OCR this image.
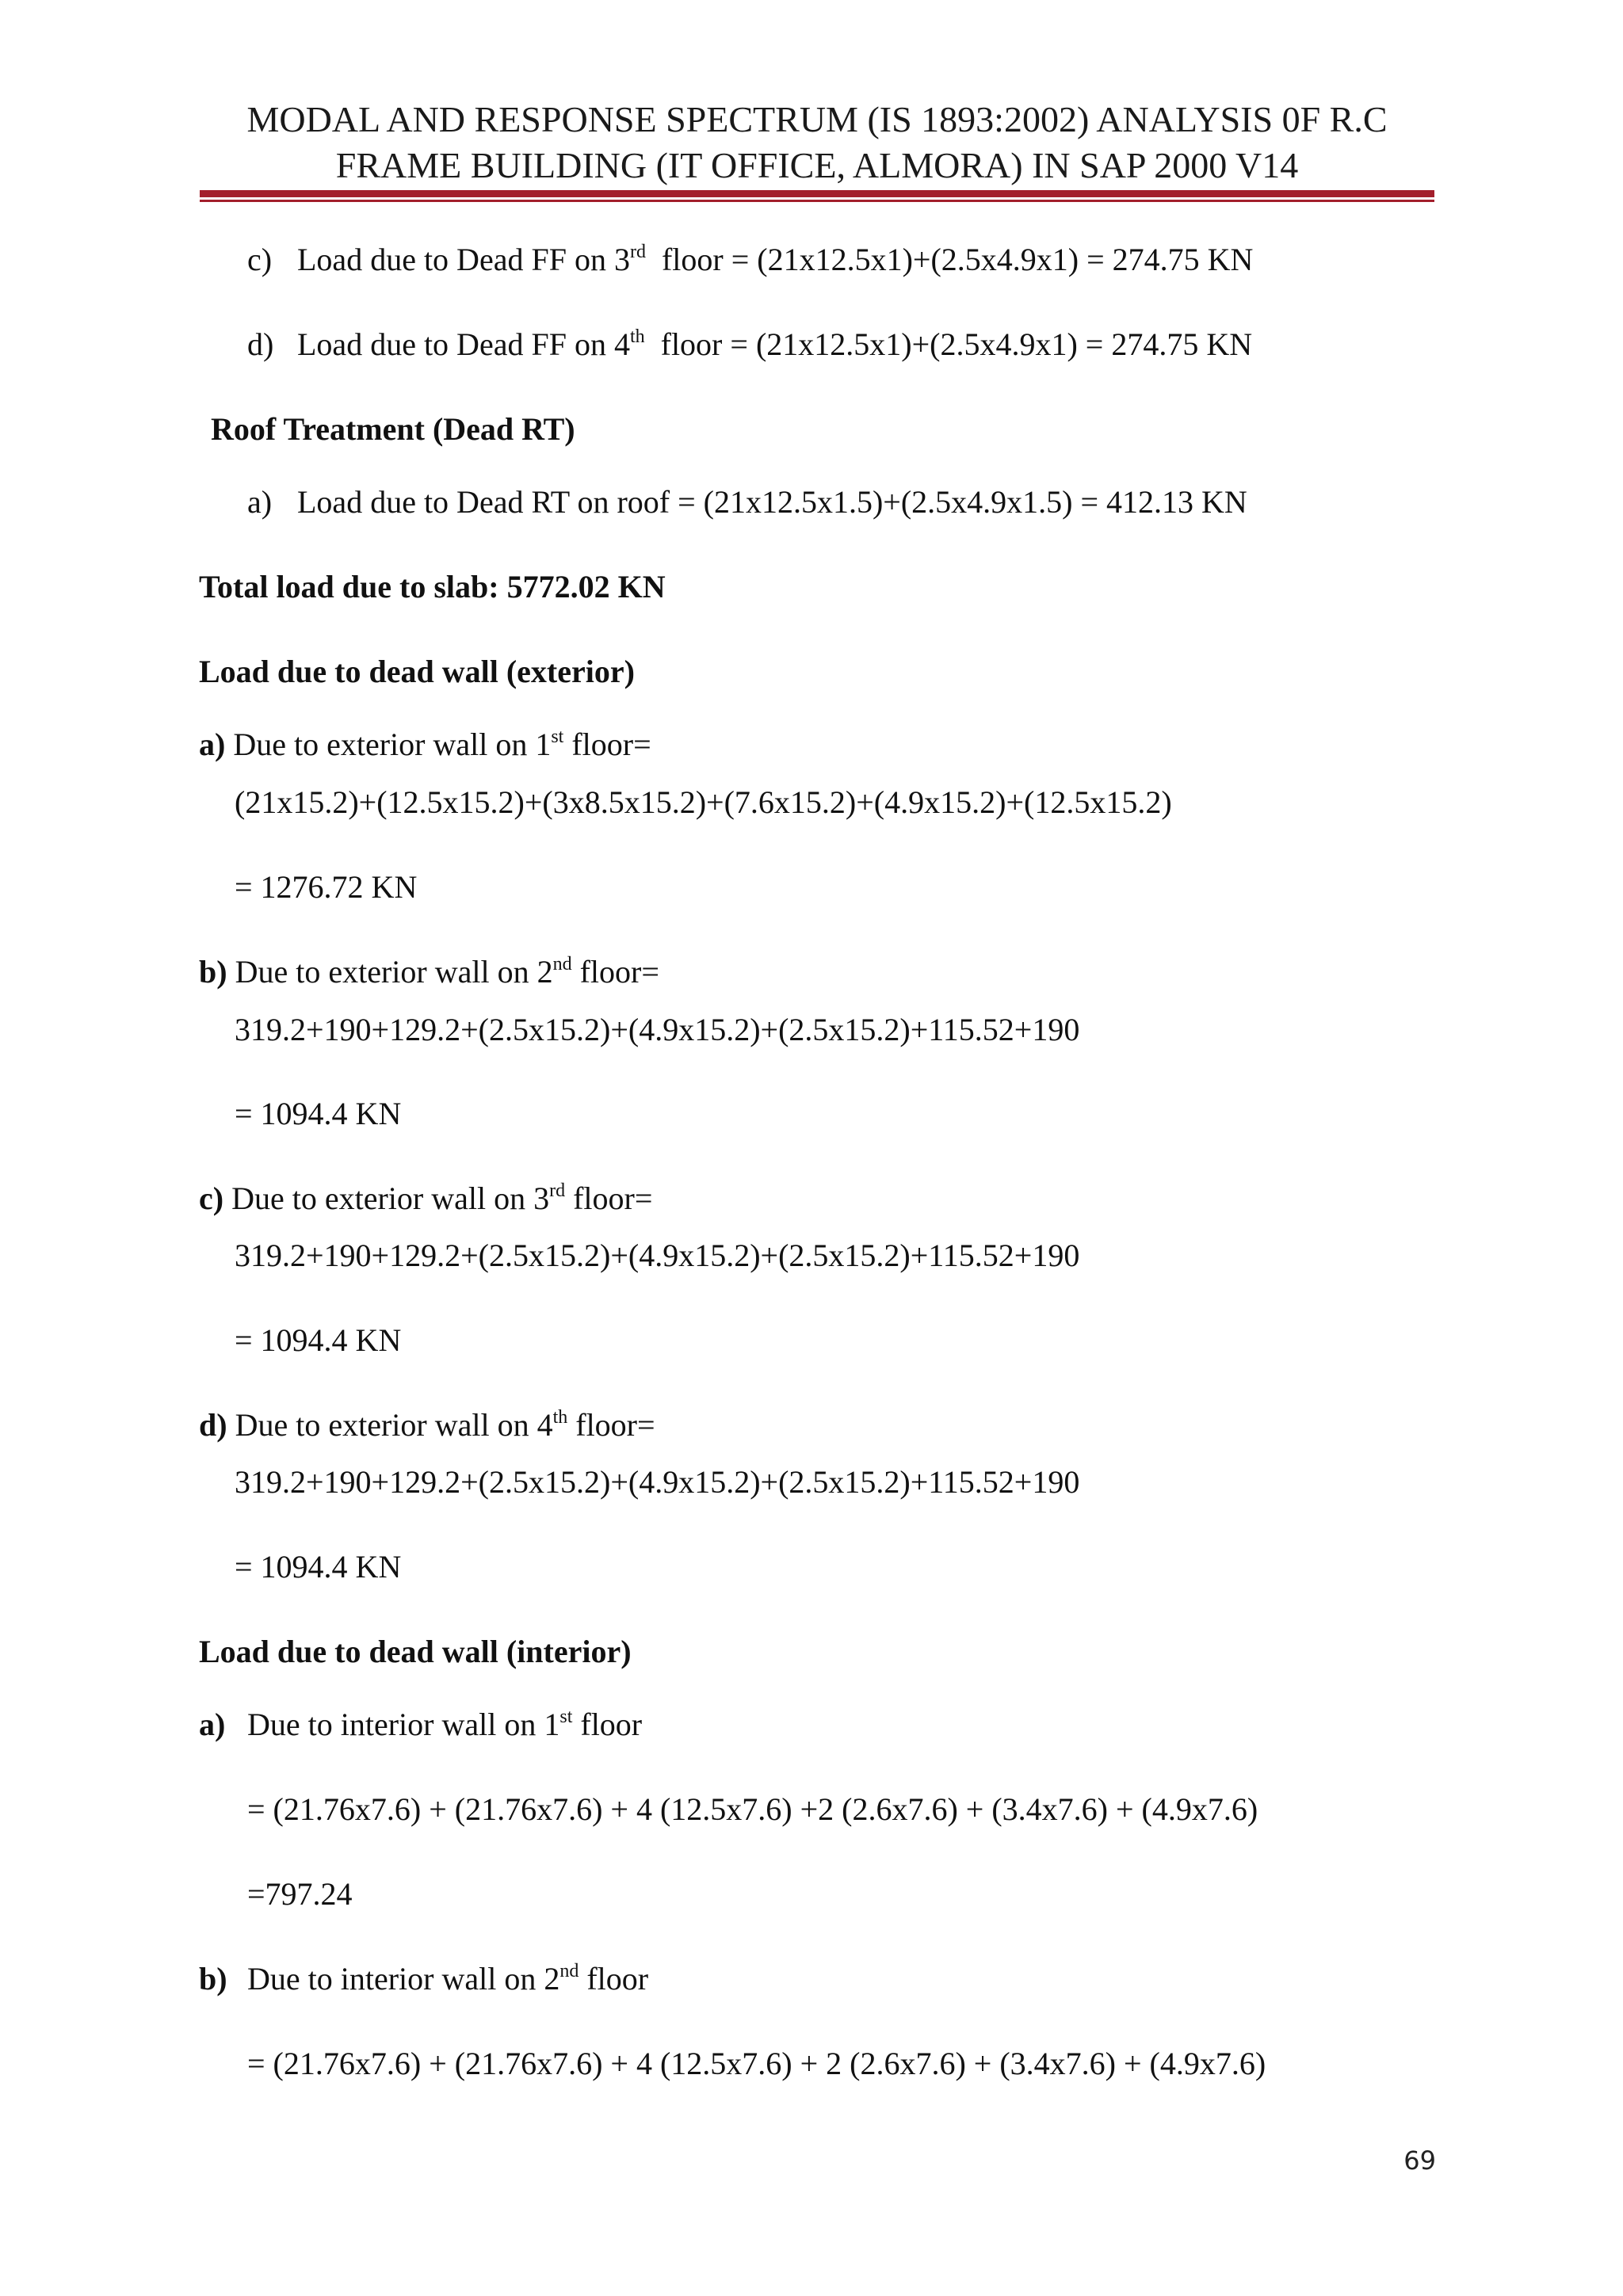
MODAL AND RESPONSE SPECTRUM (IS 1893:2002) ANALYSIS 0F R.C
FRAME BUILDING (IT OFFICE, ALMORA) IN SAP 2000 V14
c) Load due to Dead FF on 3rd  floor = (21x12.5x1)+(2.5x4.9x1) = 274.75 KN
d) Load due to Dead FF on 4th  floor = (21x12.5x1)+(2.5x4.9x1) = 274.75 KN
Roof Treatment (Dead RT)
a) Load due to Dead RT on roof = (21x12.5x1.5)+(2.5x4.9x1.5) = 412.13 KN
Total load due to slab: 5772.02 KN
Load due to dead wall (exterior)
a) Due to exterior wall on 1st floor=
(21x15.2)+(12.5x15.2)+(3x8.5x15.2)+(7.6x15.2)+(4.9x15.2)+(12.5x15.2)
= 1276.72 KN
b) Due to exterior wall on 2nd floor=
319.2+190+129.2+(2.5x15.2)+(4.9x15.2)+(2.5x15.2)+115.52+190
= 1094.4 KN
c) Due to exterior wall on 3rd floor=
319.2+190+129.2+(2.5x15.2)+(4.9x15.2)+(2.5x15.2)+115.52+190
= 1094.4 KN
d) Due to exterior wall on 4th floor=
319.2+190+129.2+(2.5x15.2)+(4.9x15.2)+(2.5x15.2)+115.52+190
= 1094.4 KN
Load due to dead wall (interior)
a) Due to interior wall on 1st floor
= (21.76x7.6) + (21.76x7.6) + 4 (12.5x7.6) +2 (2.6x7.6) + (3.4x7.6) + (4.9x7.6)
=797.24
b) Due to interior wall on 2nd floor
= (21.76x7.6) + (21.76x7.6) + 4 (12.5x7.6) + 2 (2.6x7.6) + (3.4x7.6) + (4.9x7.6)
69
